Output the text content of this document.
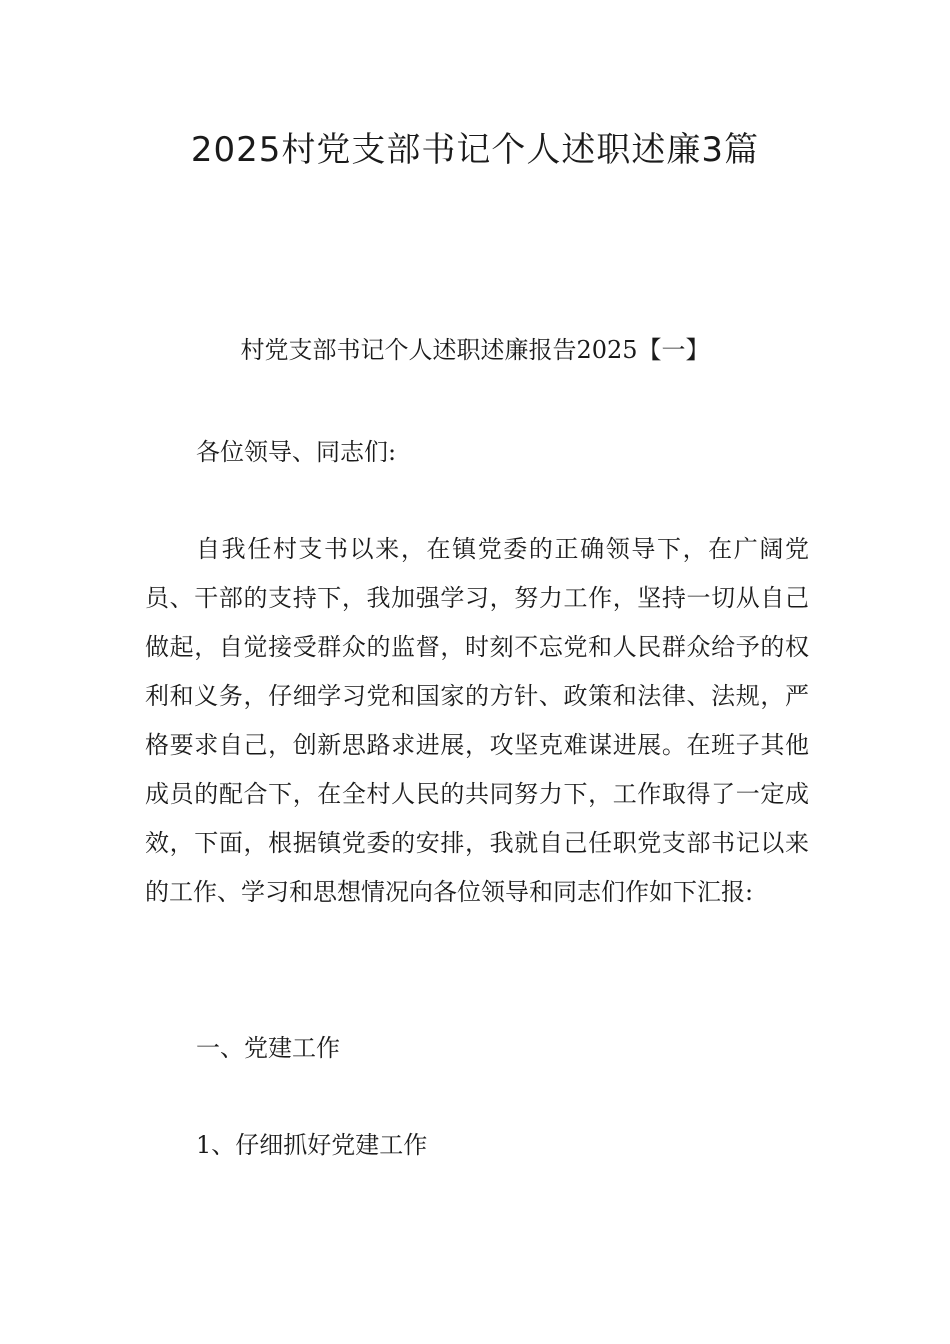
2025村党支部书记个人述职述廉3篇
村党支部书记个人述职述廉报告2025【一】

各位领导、同志们:

自我任村支书以来，在镇党委的正确领导下，在广阔党员、干部的支持下，我加强学习，努力工作，坚持一切从自己做起，自觉接受群众的监督，时刻不忘党和人民群众给予的权利和义务，仔细学习党和国家的方针、政策和法律、法规，严格要求自己，创新思路求进展，攻坚克难谋进展。在班子其他成员的配合下，在全村人民的共同努力下，工作取得了一定成效，下面，根据镇党委的安排，我就自己任职党支部书记以来的工作、学习和思想情况向各位领导和同志们作如下汇报:

一、党建工作

1、仔细抓好党建工作
